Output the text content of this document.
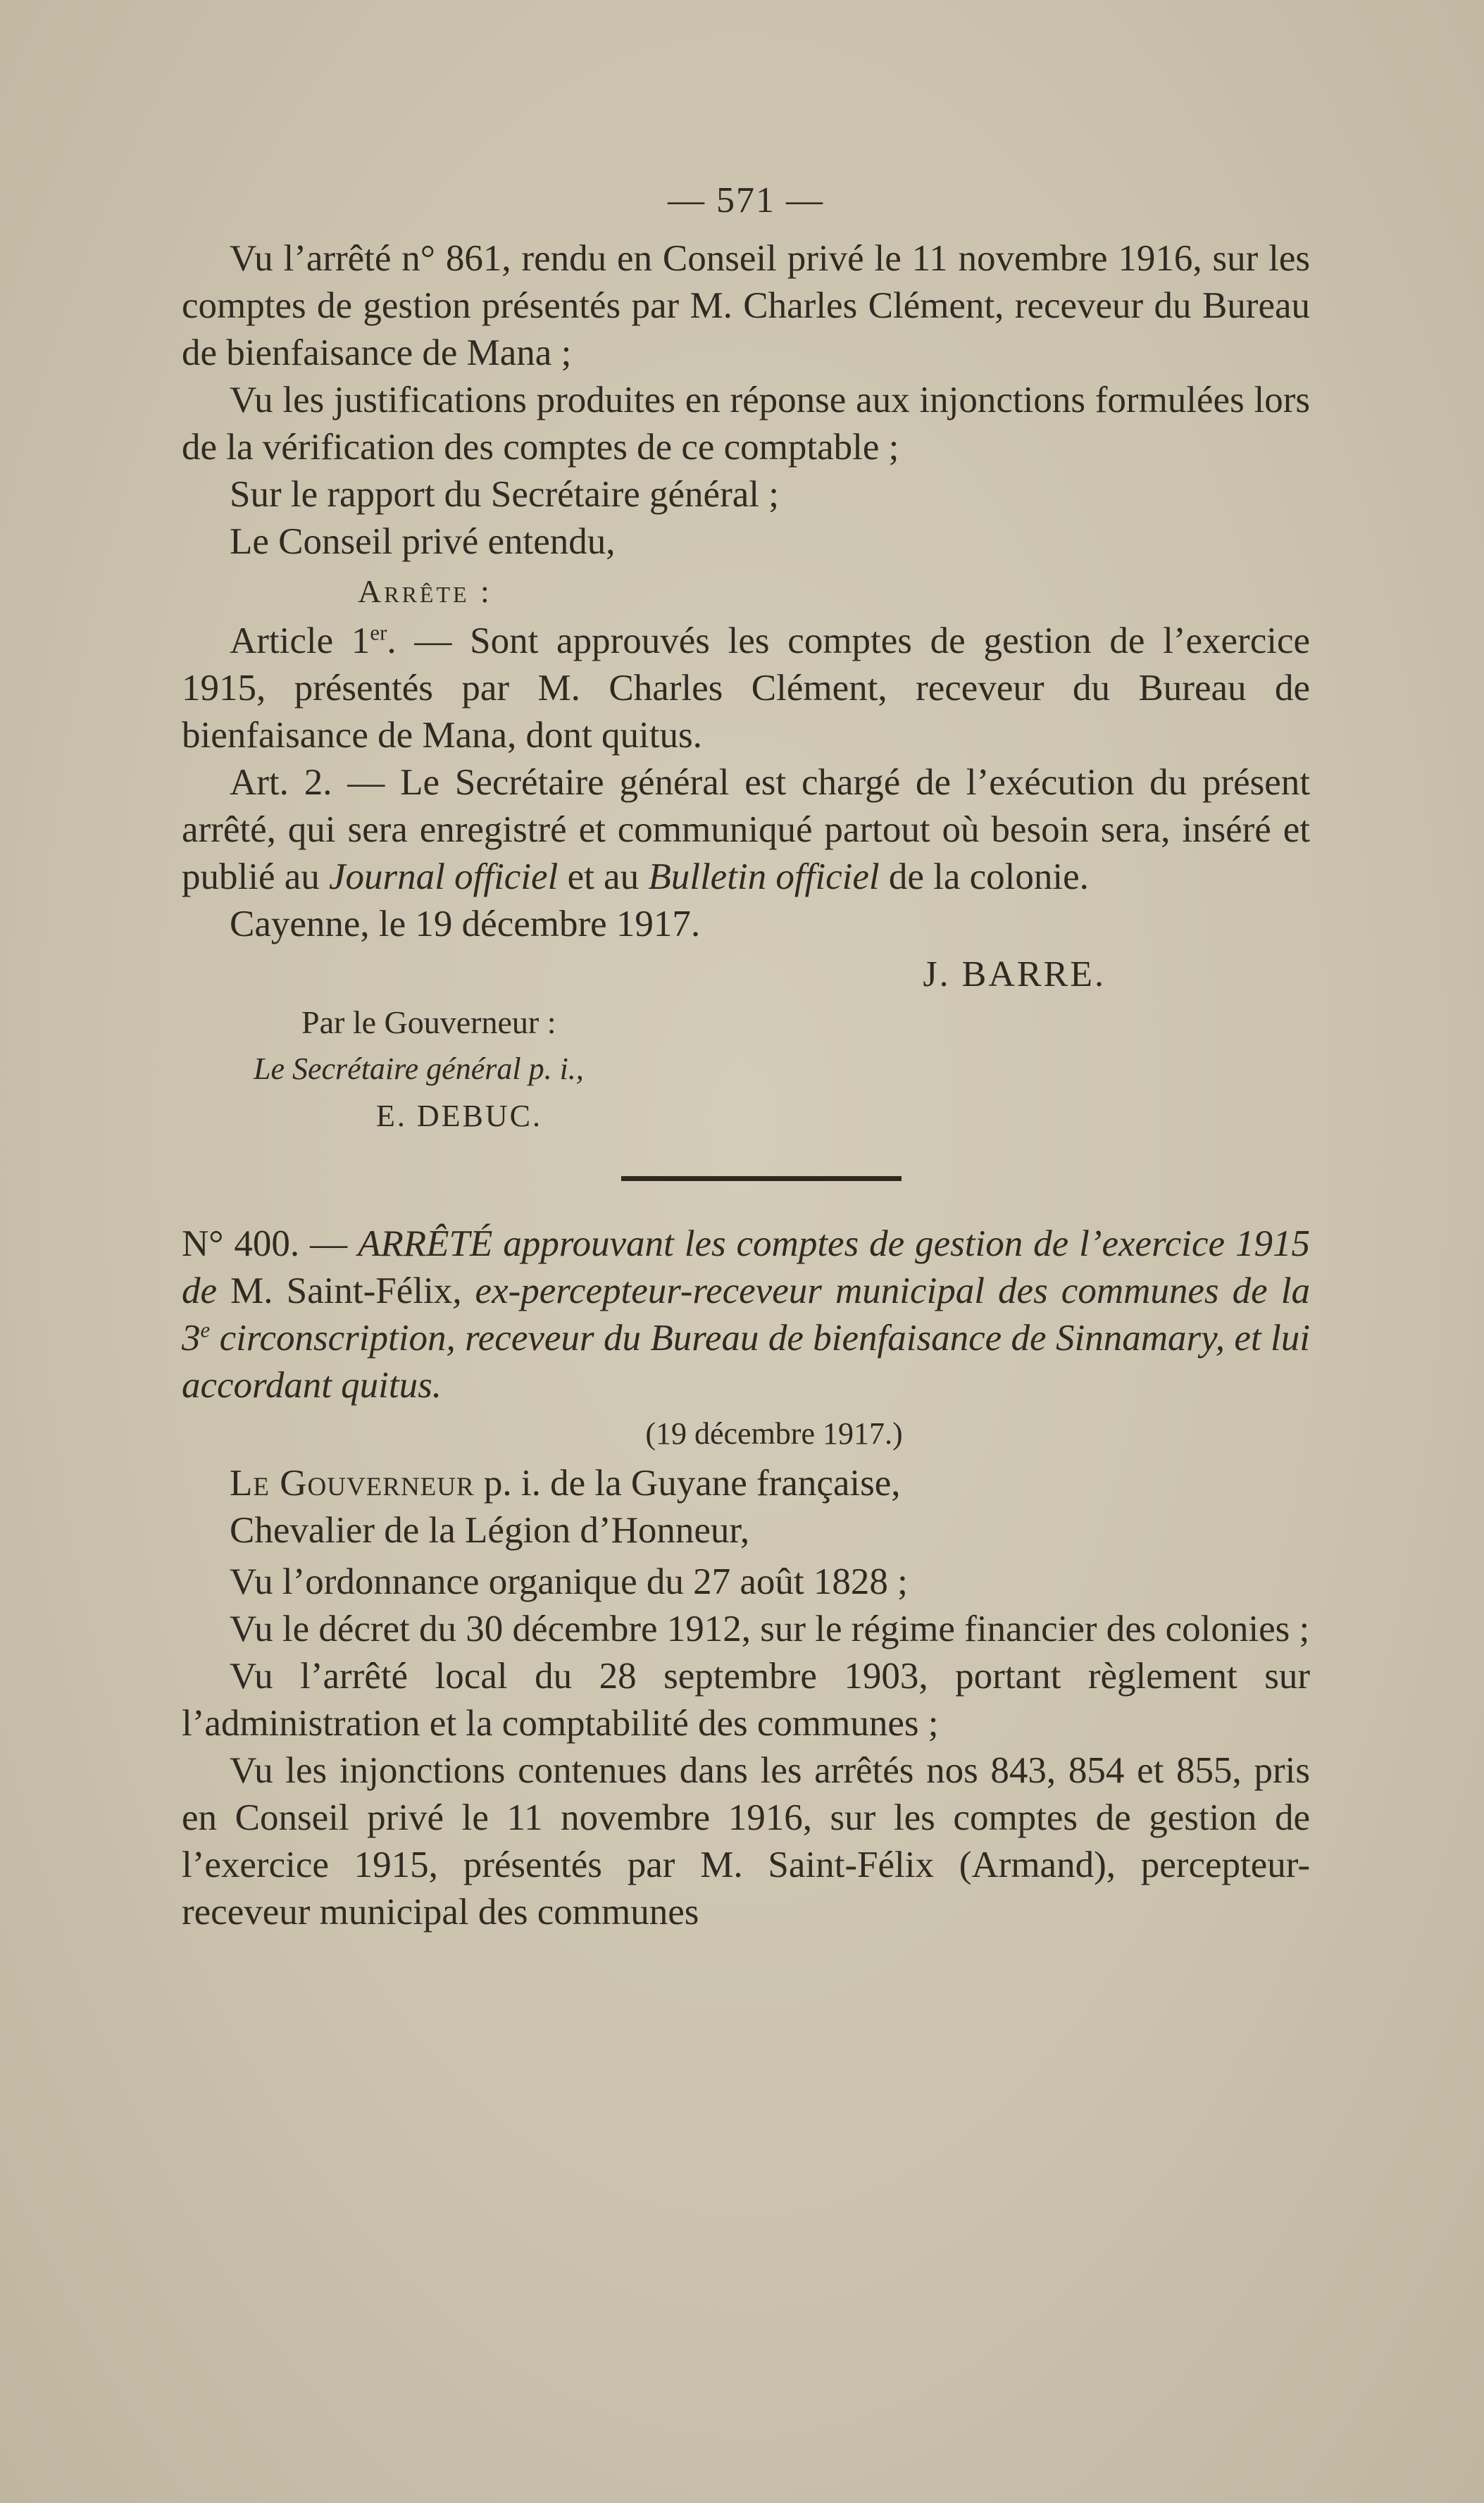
— 571 —

Vu l’arrêté n° 861, rendu en Conseil privé le 11 novembre 1916, sur les comptes de gestion présentés par M. Charles Clément, receveur du Bureau de bienfaisance de Mana ;

Vu les justifications produites en réponse aux injonctions formulées lors de la vérification des comptes de ce comptable ;

Sur le rapport du Secrétaire général ;

Le Conseil privé entendu,

Arrête :

Article 1er. — Sont approuvés les comptes de gestion de l’exercice 1915, présentés par M. Charles Clément, receveur du Bureau de bienfaisance de Mana, dont quitus.

Art. 2. — Le Secrétaire général est chargé de l’exécution du présent arrêté, qui sera enregistré et communiqué partout où besoin sera, inséré et publié au Journal officiel et au Bulletin officiel de la colonie.

Cayenne, le 19 décembre 1917.

J. BARRE.
Par le Gouverneur :
Le Secrétaire général p. i.,
E. DEBUC.

N° 400. — ARRÊTÉ approuvant les comptes de gestion de l’exercice 1915 de M. Saint-Félix, ex-percepteur-receveur municipal des communes de la 3e circonscription, receveur du Bureau de bienfaisance de Sinnamary, et lui accordant quitus.

(19 décembre 1917.)

Le Gouverneur p. i. de la Guyane française,

Chevalier de la Légion d’Honneur,

Vu l’ordonnance organique du 27 août 1828 ;

Vu le décret du 30 décembre 1912, sur le régime financier des colonies ;

Vu l’arrêté local du 28 septembre 1903, portant règlement sur l’administration et la comptabilité des communes ;

Vu les injonctions contenues dans les arrêtés nos 843, 854 et 855, pris en Conseil privé le 11 novembre 1916, sur les comptes de gestion de l’exercice 1915, présentés par M. Saint-Félix (Armand), percepteur-receveur municipal des communes
